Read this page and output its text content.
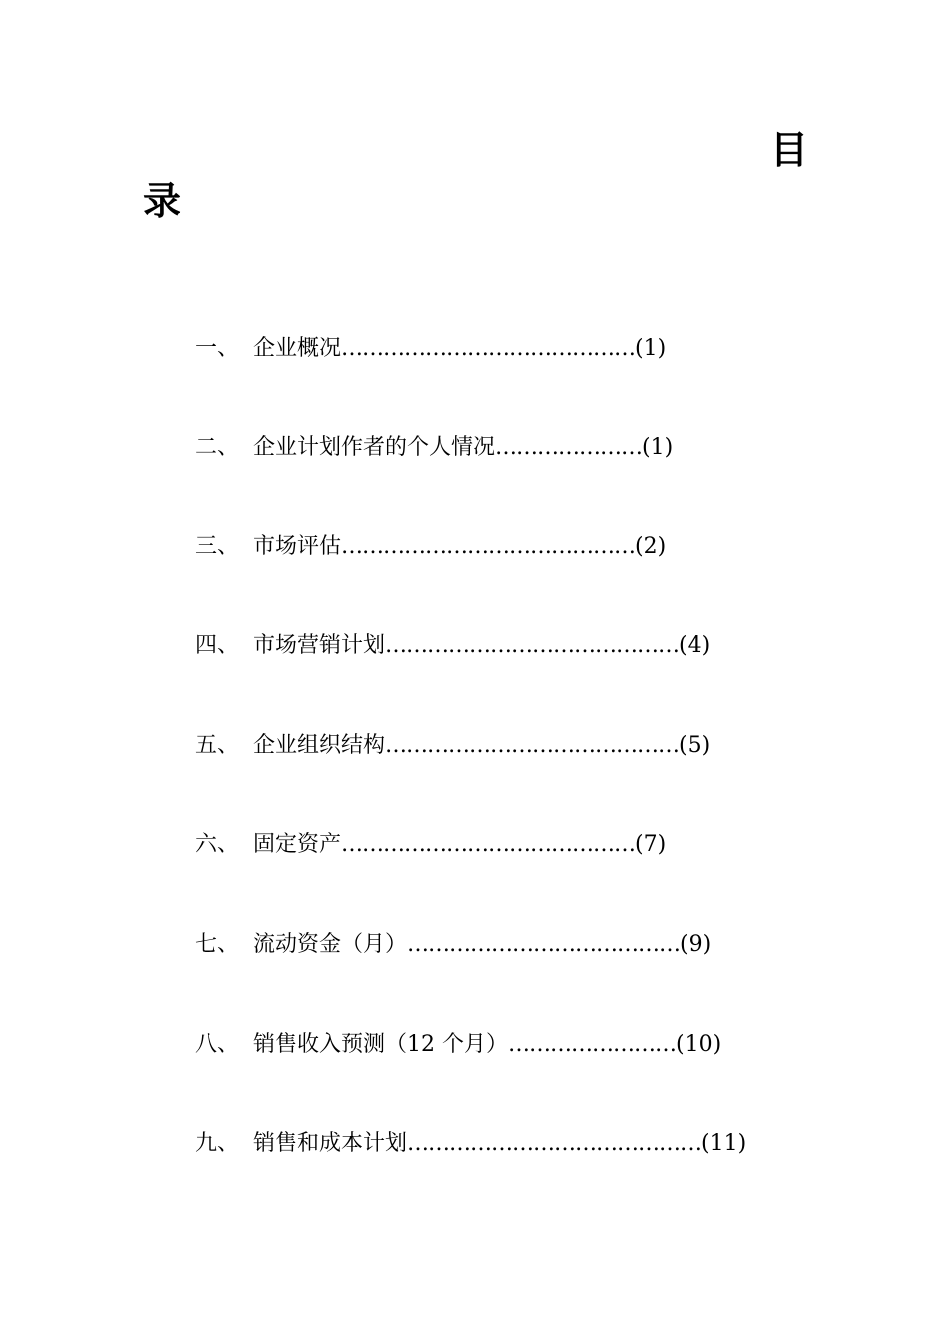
目
录
一、 企业概况 …………………………………… (1)
二、 企业计划作者的个人情况 ………………… (1)
三、 市场评估 …………………………………… (2)
四、 市场营销计划 …………………………………… (4)
五、 企业组织结构 …………………………………… (5)
六、 固定资产 …………………………………… (7)
七、 流动资金（月） ………………………………… (9)
八、 销售收入预测（12 个月） …………………… (10)
九、 销售和成本计划 …………………………………… (11)
